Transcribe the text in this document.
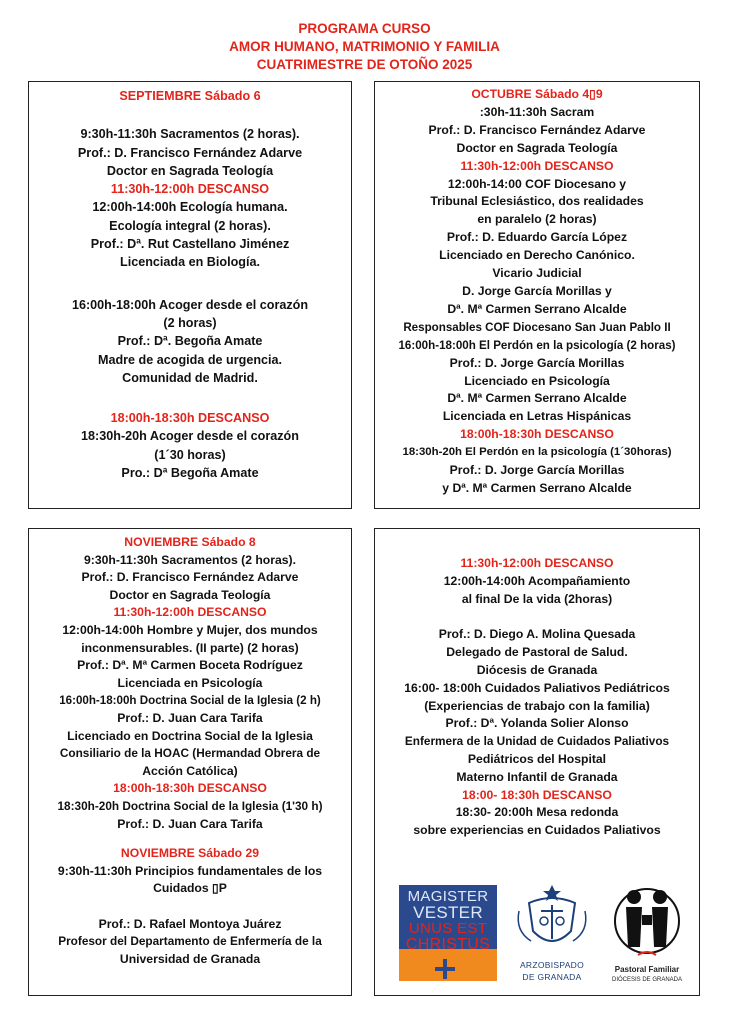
PROGRAMA CURSO
AMOR HUMANO, MATRIMONIO Y FAMILIA
CUATRIMESTRE DE OTOÑO 2025
SEPTIEMBRE Sábado 6
9:30h-11:30h Sacramentos (2 horas).
Prof.: D. Francisco Fernández Adarve
Doctor en Sagrada Teología
11:30h-12:00h DESCANSO
12:00h-14:00h Ecología humana.
Ecología integral (2 horas).
Prof.: Dª. Rut Castellano Jiménez
Licenciada en Biología.
16:00h-18:00h Acoger desde el corazón
(2 horas)
Prof.: Dª. Begoña Amate
Madre de acogida de urgencia.
Comunidad de Madrid.
18:00h-18:30h DESCANSO
18:30h-20h Acoger desde el corazón
(1´30 horas)
Pro.: Dª Begoña Amate
OCTUBRE Sábado 4▯9
:30h-11:30h Sacram
Prof.: D. Francisco Fernández Adarve
Doctor en Sagrada Teología
11:30h-12:00h DESCANSO
12:00h-14:00 COF Diocesano y
Tribunal Eclesiástico, dos realidades
en paralelo (2 horas)
Prof.: D. Eduardo García López
Licenciado en Derecho Canónico.
Vicario Judicial
D. Jorge García Morillas y
Dª. Mª Carmen Serrano Alcalde
Responsables COF Diocesano San Juan Pablo II
16:00h-18:00h El Perdón en la psicología (2 horas)
Prof.: D. Jorge García Morillas
Licenciado en Psicología
Dª. Mª Carmen Serrano Alcalde
Licenciada en Letras Hispánicas
18:00h-18:30h DESCANSO
18:30h-20h El Perdón en la psicología (1´30horas)
Prof.: D. Jorge García Morillas
y Dª. Mª Carmen Serrano Alcalde
NOVIEMBRE Sábado 8
9:30h-11:30h Sacramentos (2 horas).
Prof.: D. Francisco Fernández Adarve
Doctor en Sagrada Teología
11:30h-12:00h DESCANSO
12:00h-14:00h Hombre y Mujer, dos mundos
inconmensurables. (II parte) (2 horas)
Prof.: Dª. Mª Carmen Boceta Rodríguez
Licenciada en Psicología
16:00h-18:00h Doctrina Social de la Iglesia (2 h)
Prof.: D. Juan Cara Tarifa
Licenciado en Doctrina Social de la Iglesia
Consiliario de la HOAC (Hermandad Obrera de
Acción Católica)
18:00h-18:30h DESCANSO
18:30h-20h Doctrina Social de la Iglesia (1'30 h)
Prof.: D. Juan Cara Tarifa
NOVIEMBRE Sábado 29
9:30h-11:30h Principios fundamentales de los
Cuidados ▯P
Prof.: D. Rafael Montoya Juárez
Profesor del Departamento de Enfermería de la
Universidad de Granada
11:30h-12:00h DESCANSO
12:00h-14:00h Acompañamiento
al final De la vida (2horas)
Prof.: D. Diego A. Molina Quesada
Delegado de Pastoral de Salud.
Diócesis de Granada
16:00- 18:00h Cuidados Paliativos Pediátricos
(Experiencias de trabajo con la familia)
Prof.: Dª. Yolanda Solier Alonso
Enfermera de la Unidad de Cuidados Paliativos
Pediátricos del Hospital
Materno Infantil de Granada
18:00- 18:30h DESCANSO
18:30- 20:00h Mesa redonda
sobre experiencias en Cuidados Paliativos
MAGISTER
VESTER
UNUS EST
CHRISTUS
ARZOBISPADO
DE GRANADA
Pastoral Familiar
DIÓCESIS DE GRANADA
